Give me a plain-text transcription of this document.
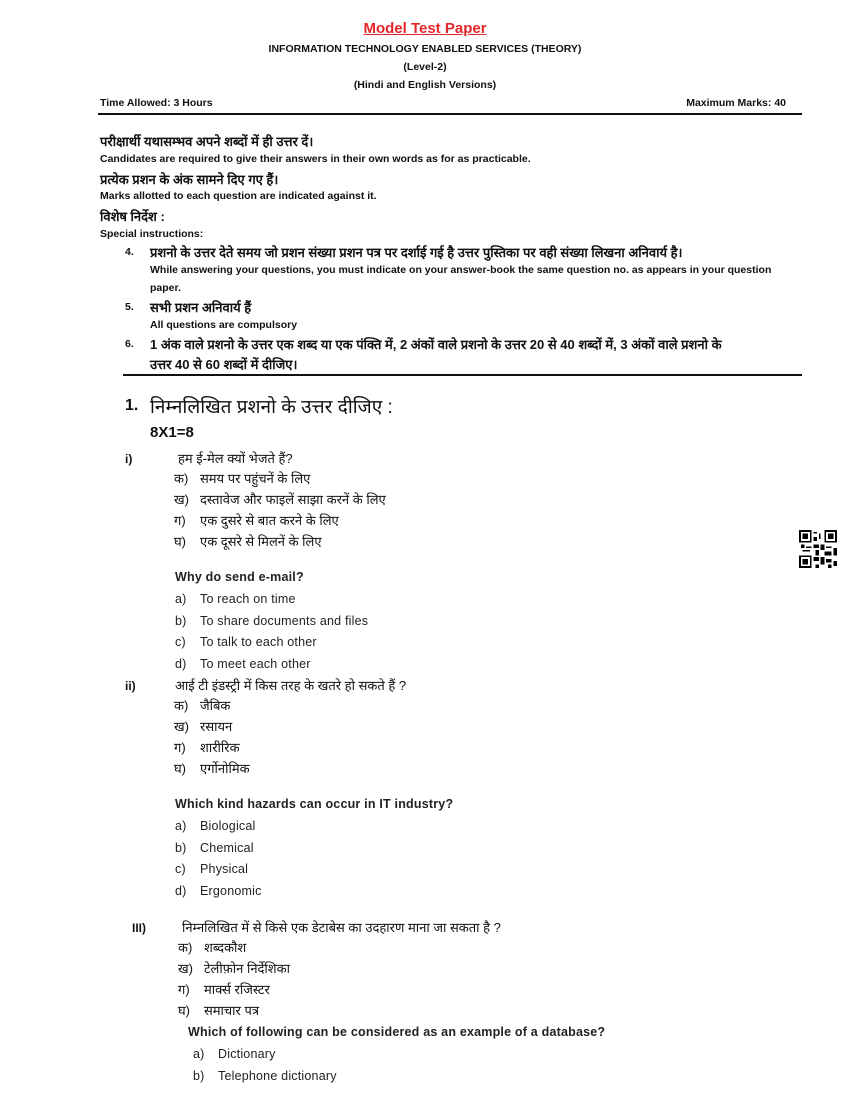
Model Test Paper
INFORMATION TECHNOLOGY ENABLED SERVICES (THEORY)
(Level-2)
(Hindi and English Versions)
Time Allowed: 3 Hours	Maximum Marks: 40
परीक्षार्थी यथासम्भव अपने शब्दों में ही उत्तर दें।
Candidates are required to give their answers in their own words as for as practicable.
प्रत्येक प्रशन के अंक सामने दिए गए हैं।
Marks allotted to each question are indicated against it.
विशेष निर्देश :
Special instructions:
4. प्रशनो के उत्तर देते समय जो प्रशन संख्या प्रशन पत्र पर दर्शाई गई है उत्तर पुस्तिका पर वही संख्या लिखना अनिवार्य है।
While answering your questions, you must indicate on your answer-book the same question no. as appears in your question
paper.
5. सभी प्रशन अनिवार्य हैं
All questions are compulsory
6. 1 अंक वाले प्रशनो के उत्तर एक शब्द या एक पंक्ति में, 2 अंकों वाले प्रशनो के उत्तर 20 से 40 शब्दों में, 3 अंकों वाले प्रशनो के
उत्तर 40 से 60 शब्दों में दीजिए।
1. निम्नलिखित प्रशनो के उत्तर दीजिए :
8X1=8
i)	हम ई-मेल क्यों भेजते हैं?
क) समय पर पहुंचनें के लिए
ख) दस्तावेज और फाइलें साझा करनें के लिए
ग) एक दुसरे से बात करने के लिए
घ) एक दूसरे से मिलनें के लिए
Why do send e-mail?
a) To reach on time
b) To share documents and files
c) To talk to each other
d) To meet each other
ii)	आई टी इंडस्ट्री में किस तरह के खतरे हो सकते हैं ?
क) जैबिक
ख) रसायन
ग) शारीरिक
घ) एर्गोनोमिक
Which kind hazards can occur in IT industry?
a) Biological
b) Chemical
c) Physical
d) Ergonomic
III)	निम्नलिखित में से किसे एक डेटाबेस का उदहारण माना जा सकता है ?
क) शब्दकौश
ख) टेलीफ़ोन निर्देशिका
ग) मार्क्स रजिस्टर
घ) समाचार पत्र
Which of following can be considered as an example of a database?
a) Dictionary
b) Telephone dictionary
